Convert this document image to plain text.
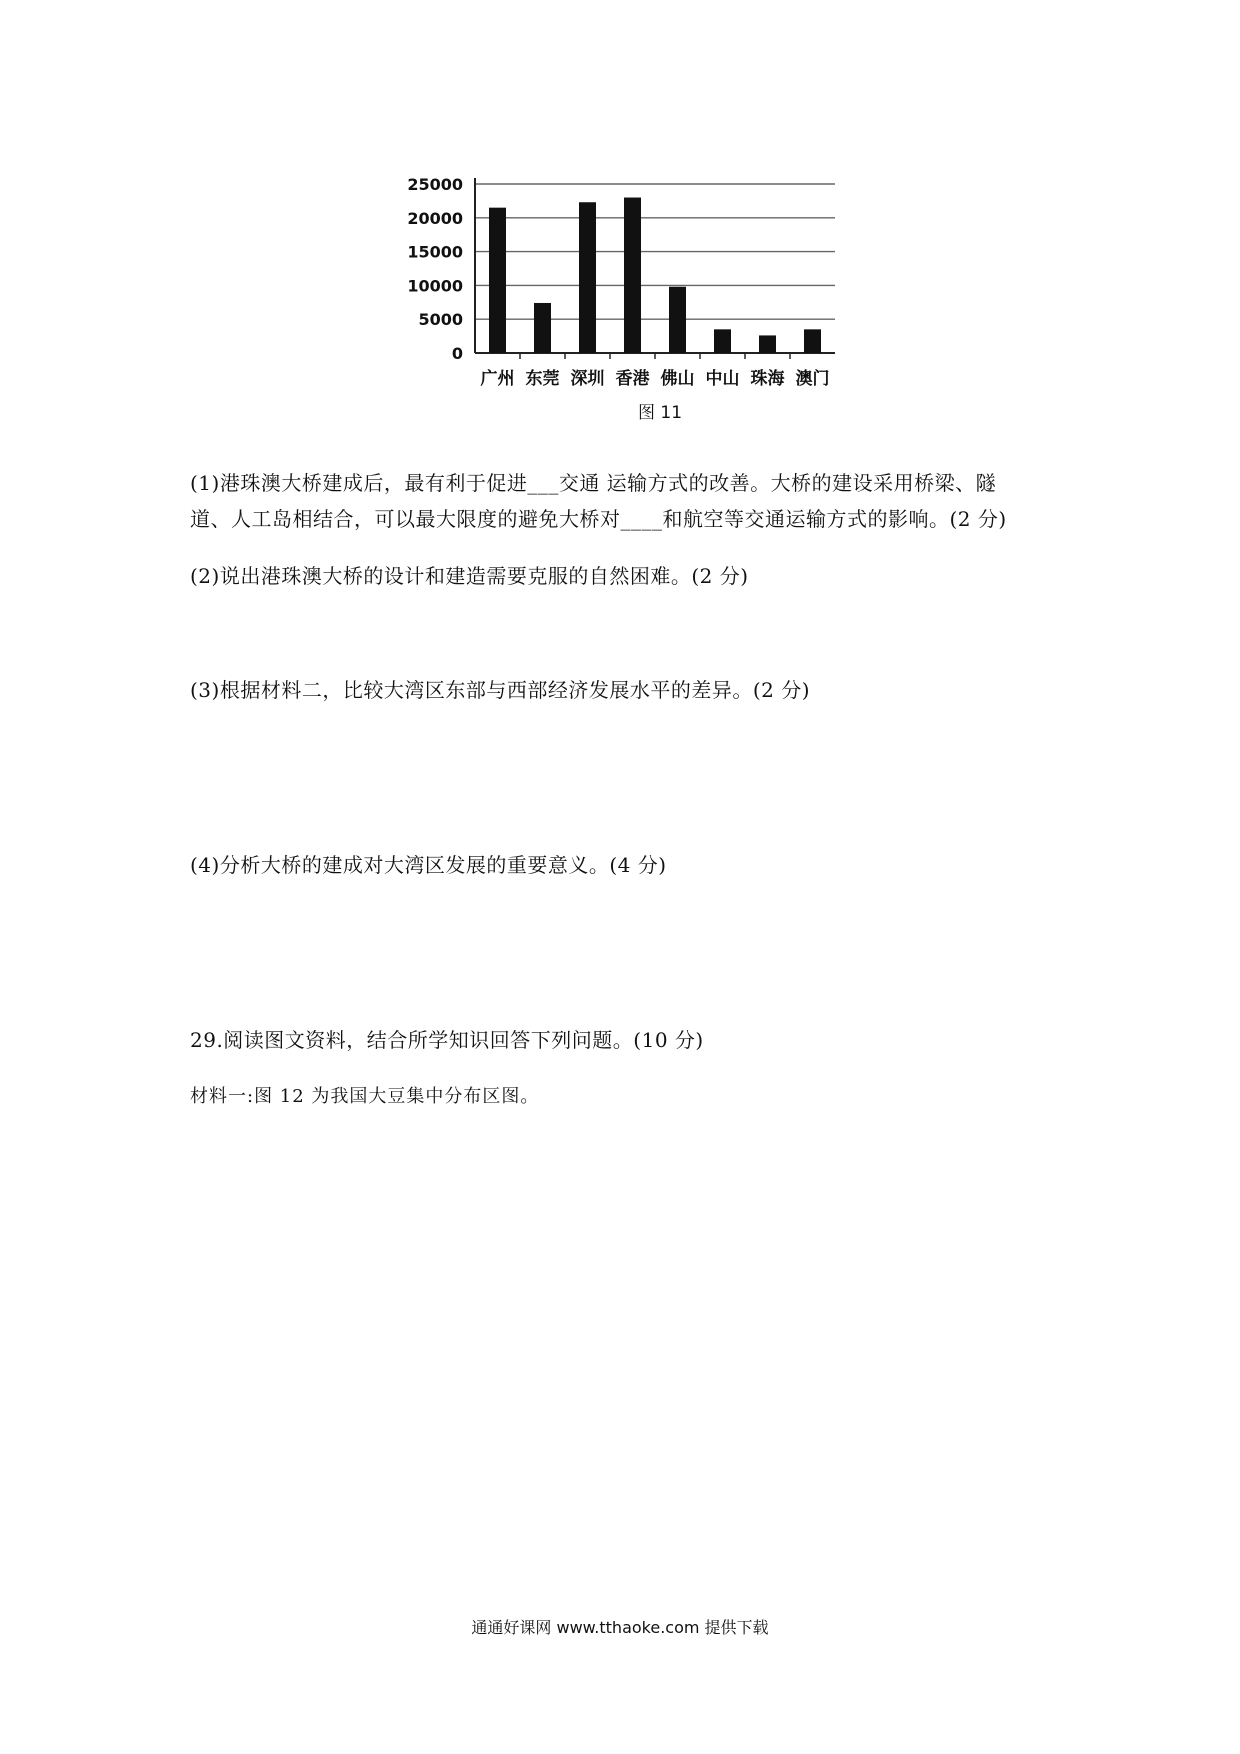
0
5000
10000
15000
20000
25000
广州 东莞 深圳 香港 佛山 中山 珠海 澳门
图 11

(1)港珠澳大桥建成后，最有利于促进___交通 运输方式的改善。大桥的建设采用桥梁、隧

道、人工岛相结合，可以最大限度的避免大桥对____和航空等交通运输方式的影响。(2 分)

(2)说出港珠澳大桥的设计和建造需要克服的自然困难。(2 分)

(3)根据材料二，比较大湾区东部与西部经济发展水平的差异。(2 分)

(4)分析大桥的建成对大湾区发展的重要意义。(4 分)

29.阅读图文资料，结合所学知识回答下列问题。(10 分)

材料一:图 12 为我国大豆集中分布区图。

通通好课网 www.tthaoke.com 提供下载
